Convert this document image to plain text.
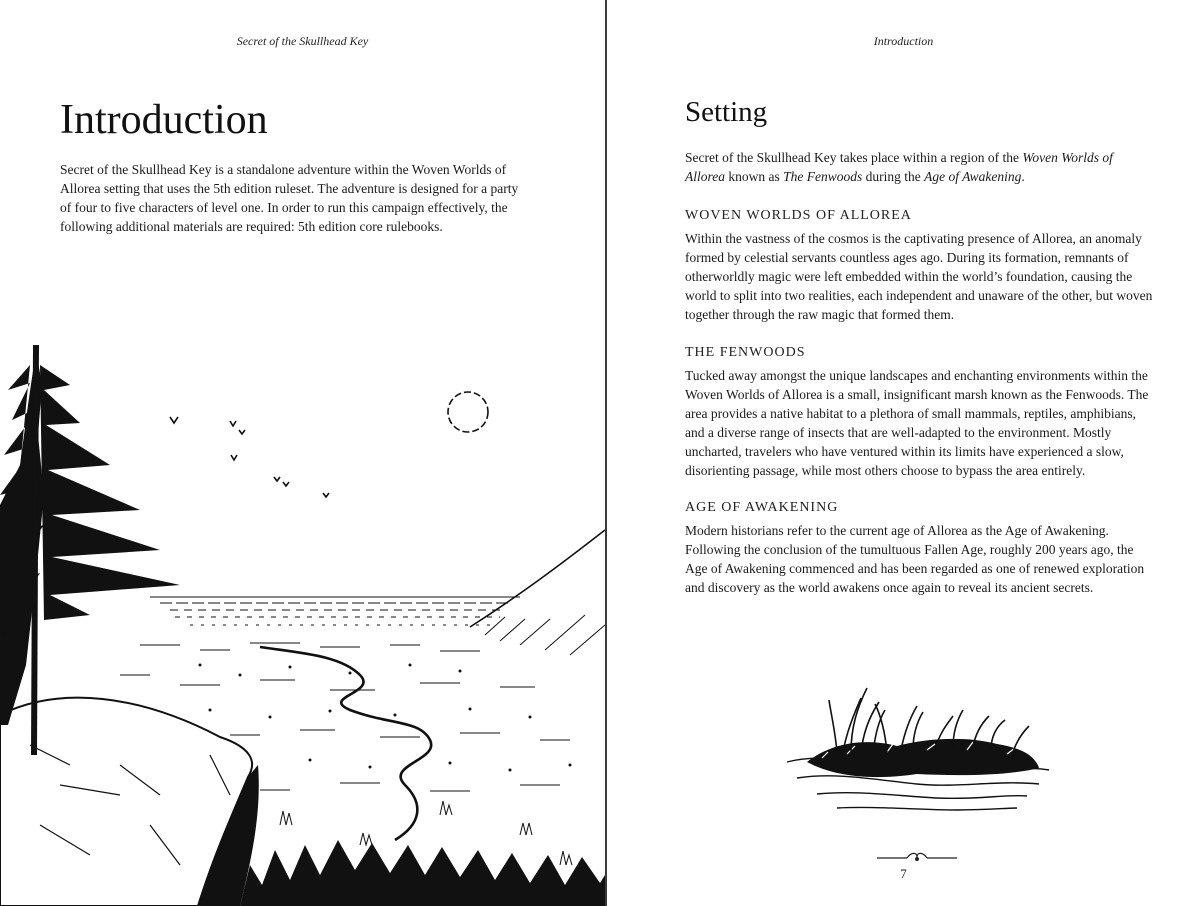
Secret of the Skullhead Key
Introduction

Secret of the Skullhead Key is a standalone adventure within the Woven Worlds of Allorea setting that uses the 5th edition ruleset. The adventure is designed for a party of four to five characters of level one. In order to run this campaign effectively, the following additional materials are required: 5th edition core rulebooks.

Introduction
Setting

Secret of the Skullhead Key takes place within a region of the Woven Worlds of Allorea known as The Fenwoods during the Age of Awakening.

WOVEN WORLDS OF ALLOREA

Within the vastness of the cosmos is the captivating presence of Allorea, an anomaly formed by celestial servants countless ages ago. During its formation, remnants of otherworldly magic were left embedded within the world’s foundation, causing the world to split into two realities, each independent and unaware of the other, but woven together through the raw magic that formed them.

THE FENWOODS

Tucked away amongst the unique landscapes and enchanting environments within the Woven Worlds of Allorea is a small, insignificant marsh known as the Fenwoods. The area provides a native habitat to a plethora of small mammals, reptiles, amphibians, and a diverse range of insects that are well-adapted to the environment. Mostly uncharted, travelers who have ventured within its limits have experienced a slow, disorienting passage, while most others choose to bypass the area entirely.

AGE OF AWAKENING

Modern historians refer to the current age of Allorea as the Age of Awakening. Following the conclusion of the tumultuous Fallen Age, roughly 200 years ago, the Age of Awakening commenced and has been regarded as one of renewed exploration and discovery as the world awakens once again to reveal its ancient secrets.

7
